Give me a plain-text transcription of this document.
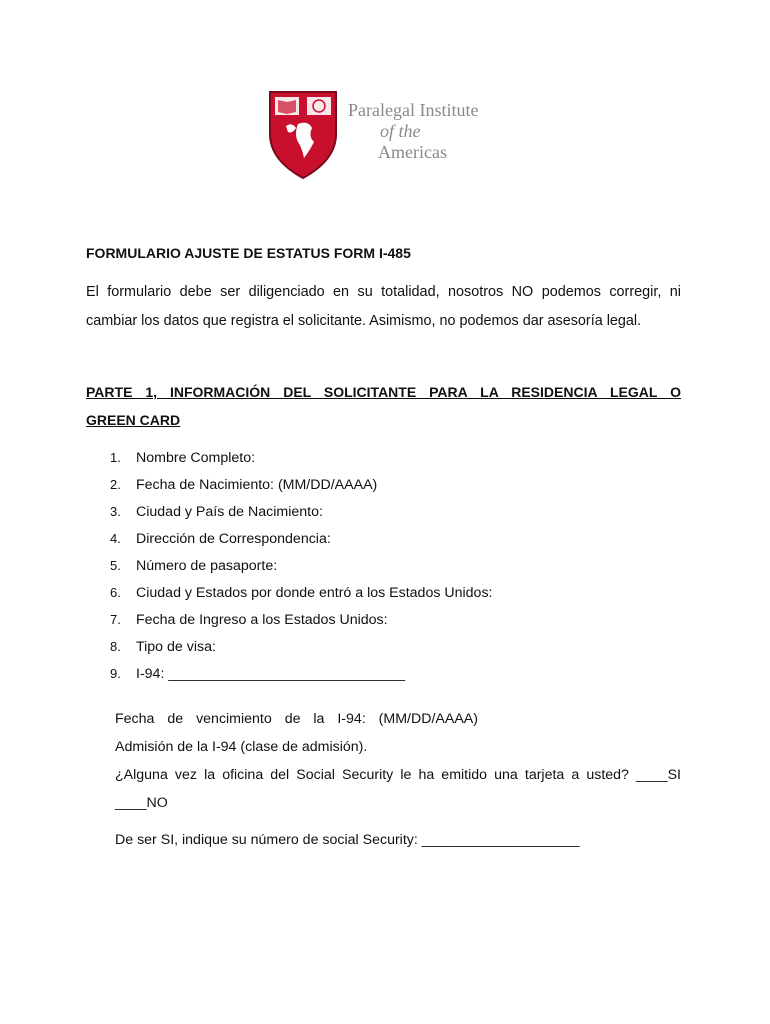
Paralegal Institute
of the
Americas
FORMULARIO AJUSTE DE ESTATUS FORM I-485
El formulario debe ser diligenciado en su totalidad, nosotros NO podemos corregir, ni
cambiar los datos que registra el solicitante. Asimismo, no podemos dar asesoría legal.
PARTE 1, INFORMACIÓN DEL SOLICITANTE PARA LA RESIDENCIA LEGAL O
GREEN CARD
1. Nombre Completo:
2. Fecha de Nacimiento: (MM/DD/AAAA)
3. Ciudad y País de Nacimiento:
4. Dirección de Correspondencia:
5. Número de pasaporte:
6. Ciudad y Estados por donde entró a los Estados Unidos:
7. Fecha de Ingreso a los Estados Unidos:
8. Tipo de visa:
9. I-94: ______________________________
Fecha de vencimiento de la I-94: (MM/DD/AAAA)
Admisión de la I-94 (clase de admisión).
¿Alguna vez la oficina del Social Security le ha emitido una tarjeta a usted? ____SI
____NO
De ser SI, indique su número de social Security: ____________________
